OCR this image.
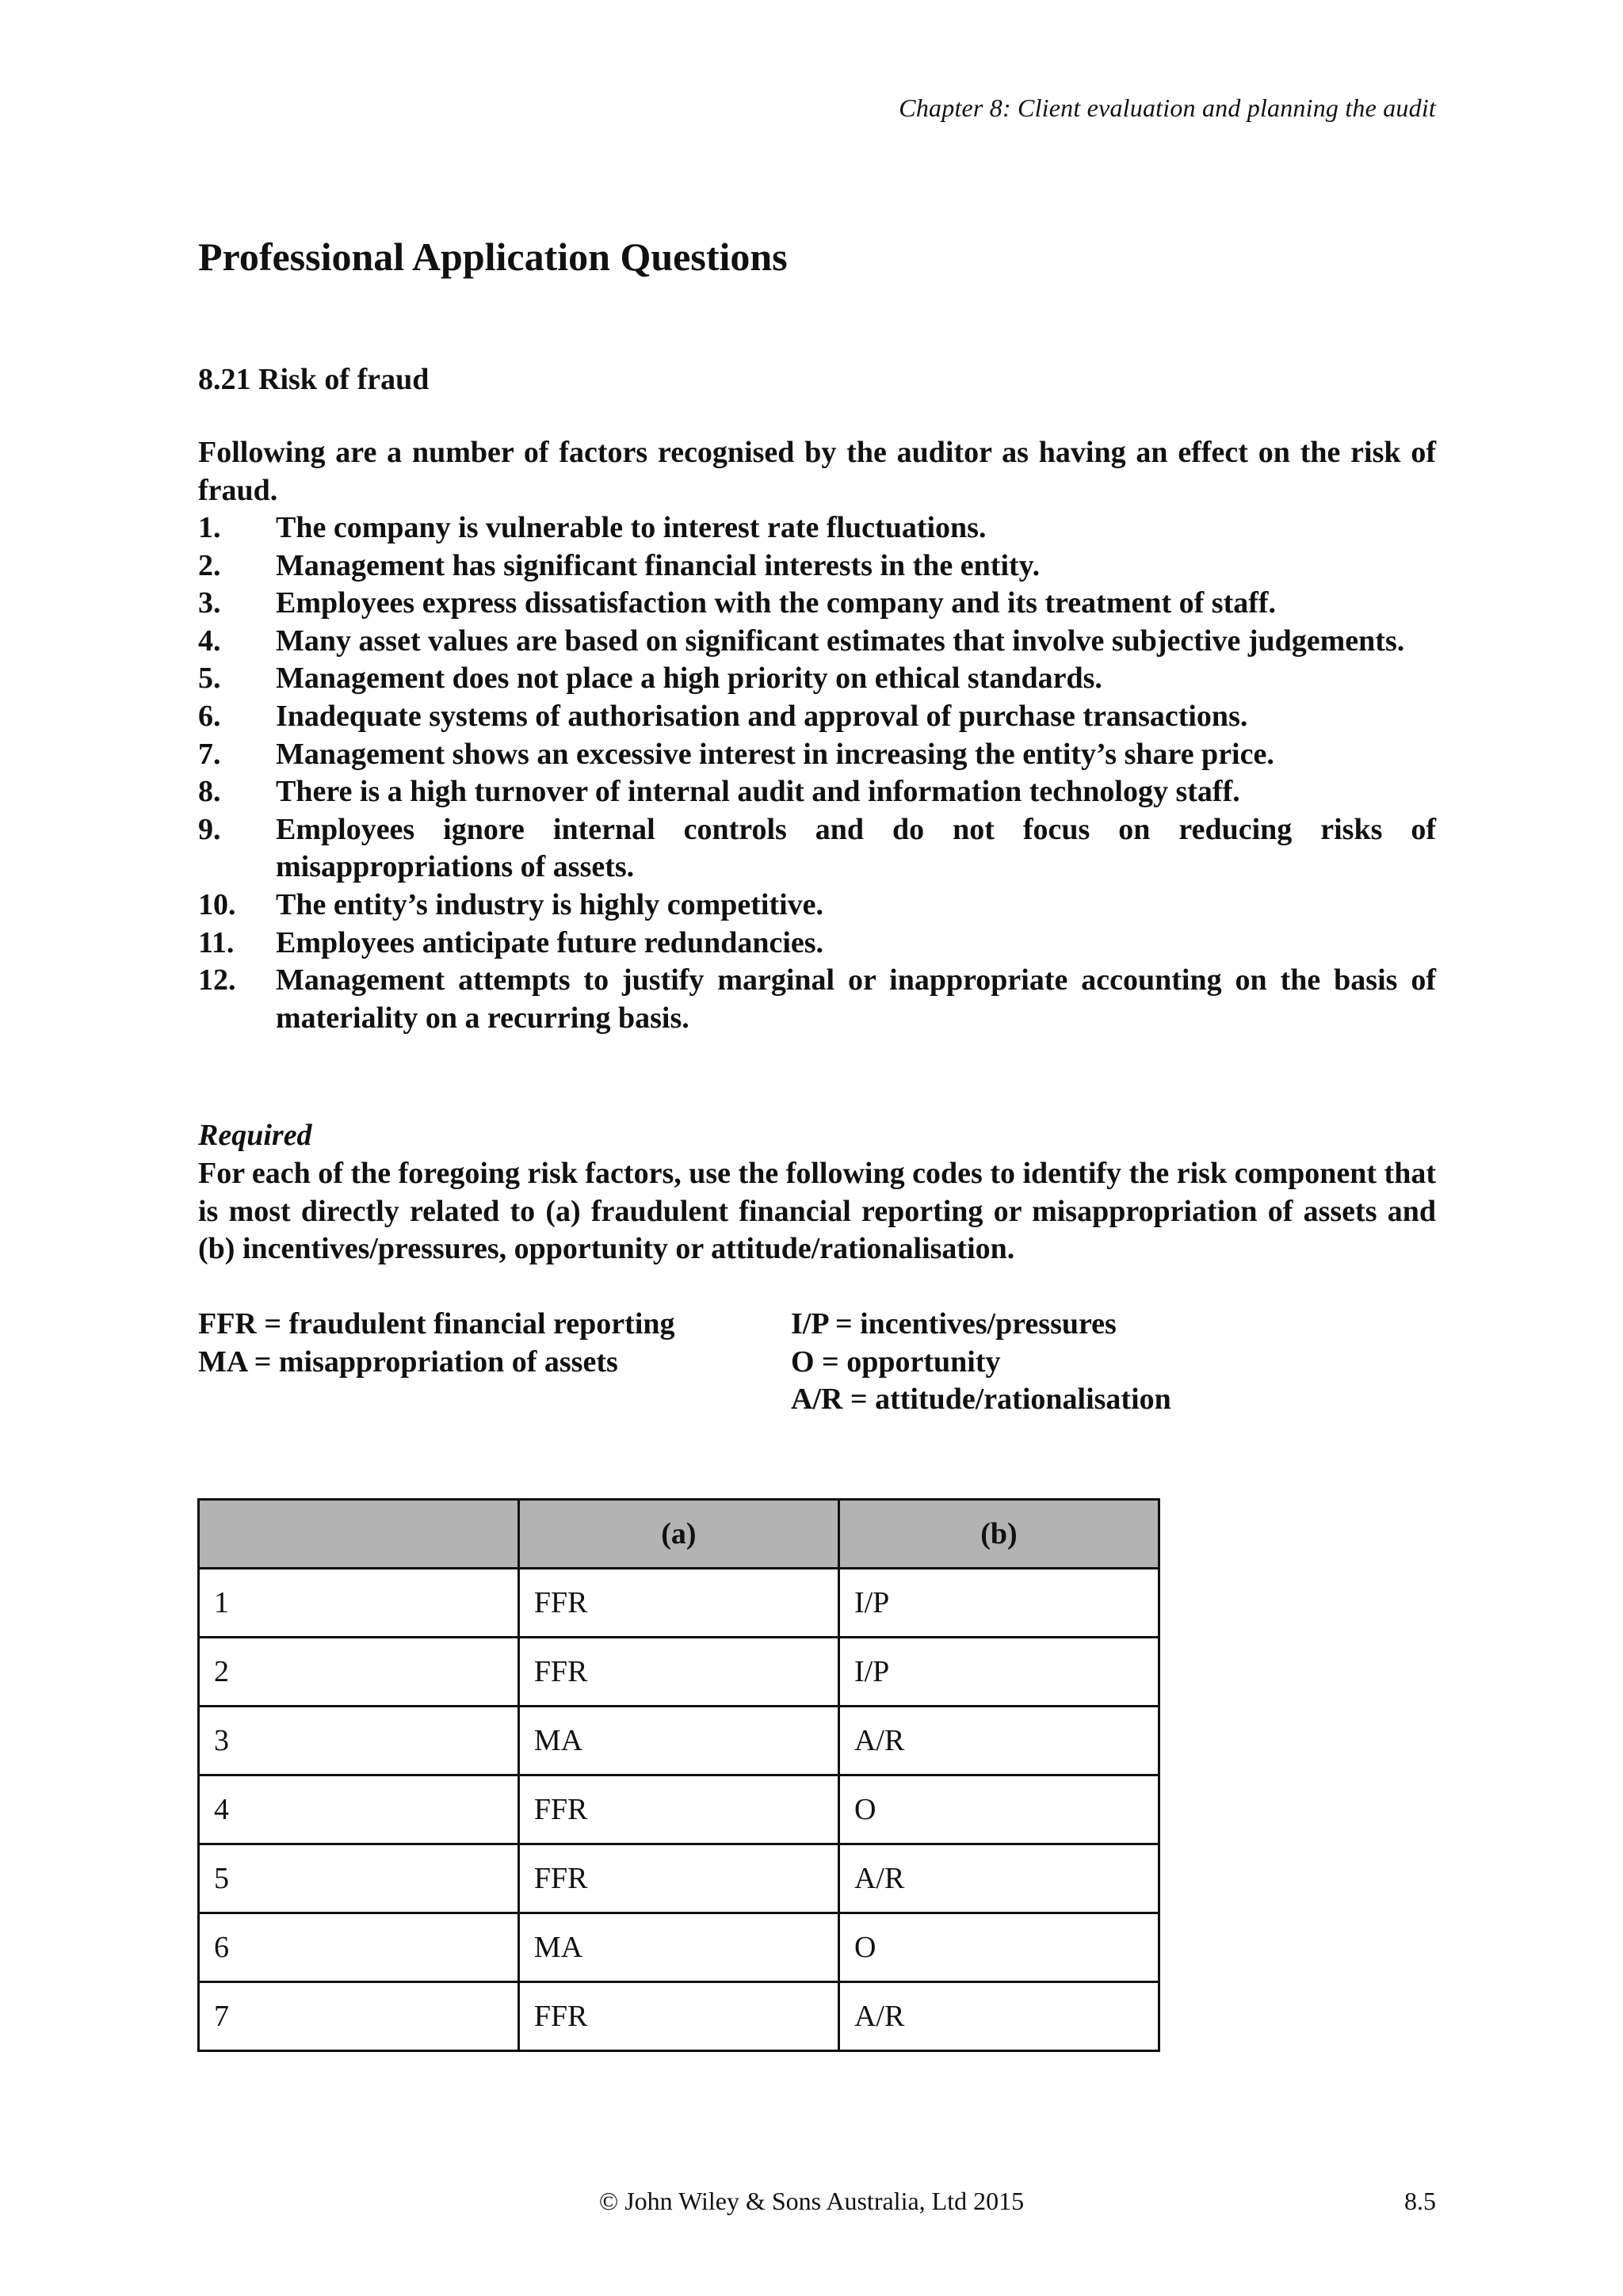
Chapter 8: Client evaluation and planning the audit
Professional Application Questions
8.21 Risk of fraud
Following are a number of factors recognised by the auditor as having an effect on the risk of fraud.
1.	The company is vulnerable to interest rate fluctuations.
2.	Management has significant financial interests in the entity.
3.	Employees express dissatisfaction with the company and its treatment of staff.
4.	Many asset values are based on significant estimates that involve subjective judgements.
5.	Management does not place a high priority on ethical standards.
6.	Inadequate systems of authorisation and approval of purchase transactions.
7.	Management shows an excessive interest in increasing the entity’s share price.
8.	There is a high turnover of internal audit and information technology staff.
9.	Employees ignore internal controls and do not focus on reducing risks of misappropriations of assets.
10.	The entity’s industry is highly competitive.
11.	Employees anticipate future redundancies.
12.	Management attempts to justify marginal or inappropriate accounting on the basis of materiality on a recurring basis.
Required
For each of the foregoing risk factors, use the following codes to identify the risk component that is most directly related to (a) fraudulent financial reporting or misappropriation of assets and (b) incentives/pressures, opportunity or attitude/rationalisation.
FFR = fraudulent financial reporting
MA = misappropriation of assets
I/P = incentives/pressures
O = opportunity
A/R = attitude/rationalisation
	(a)	(b)
1	FFR	I/P
2	FFR	I/P
3	MA	A/R
4	FFR	O
5	FFR	A/R
6	MA	O
7	FFR	A/R
© John Wiley & Sons Australia, Ltd 2015	8.5
